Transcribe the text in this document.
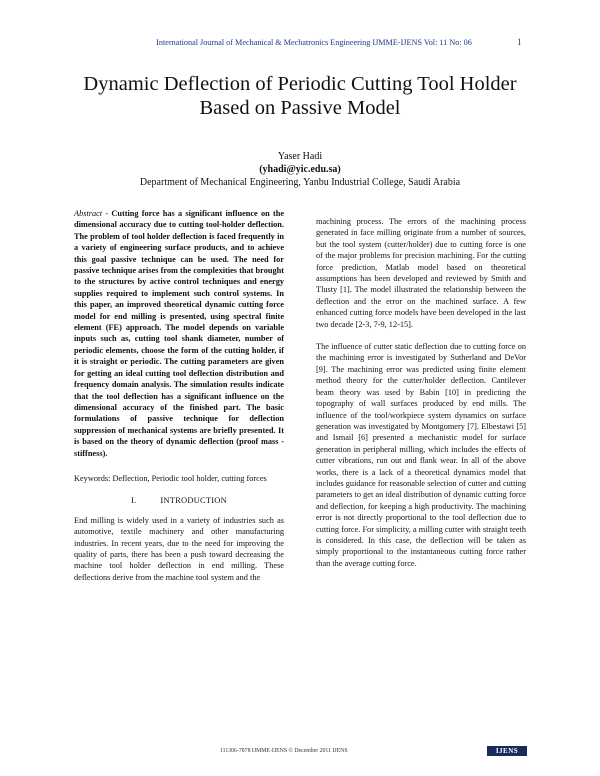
International Journal of Mechanical & Mechatronics Engineering IJMME-IJENS Vol: 11 No: 06	1
Dynamic Deflection of Periodic Cutting Tool Holder
Based on Passive Model
Yaser Hadi
(yhadi@yic.edu.sa)
Department of Mechanical Engineering, Yanbu Industrial College, Saudi Arabia

Abstract - Cutting force has a significant influence on the dimensional accuracy due to cutting tool-holder deflection. The problem of tool holder deflection is faced frequently in a variety of engineering surface products, and to achieve this goal passive technique can be used. The need for passive technique arises from the complexities that brought to the structures by active control techniques and energy supplies required to implement such control systems. In this paper, an improved theoretical dynamic cutting force model for end milling is presented, using spectral finite element (FE) approach. The model depends on variable inputs such as, cutting tool shank diameter, number of periodic elements, choose the form of the cutting holder, if it is straight or periodic. The cutting parameters are given for getting an ideal cutting tool deflection distribution and frequency domain analysis. The simulation results indicate that the tool deflection has a significant influence on the dimensional accuracy of the finished part. The basic formulations of passive technique for deflection suppression of mechanical systems are briefly presented. It is based on the theory of dynamic deflection (proof mass -stiffness).

Keywords: Deflection, Periodic tool holder, cutting forces

I.	INTRODUCTION

End milling is widely used in a variety of industries such as automotive, textile machinery and other manufacturing industries. In recent years, due to the need for improving the quality of parts, there has been a push toward decreasing the machine tool holder deflection in end milling. These deflections derive from the machine tool system and the

machining process. The errors of the machining process generated in face milling originate from a number of sources, but the tool system (cutter/holder) due to cutting force is one of the major problems for precision machining. For the cutting force prediction, Matlab model based on theoretical assumptions has been developed and reviewed by Smith and Tlusty [1]. The model illustrated the relationship between the deflection and the error on the machined surface. A few enhanced cutting force models have been developed in the last two decade [2-3, 7-9, 12-15].

The influence of cutter static deflection due to cutting force on the machining error is investigated by Sutherland and DeVor [9]. The machining error was predicted using finite element method theory for the cutter/holder deflection. Cantilever beam theory was used by Babin [10] in predicting the topography of wall surfaces produced by end mills. The influence of the tool/workpiece system dynamics on surface generation was investigated by Montgomery [7]. Elbestawi [5] and Ismail [6] presented a mechanistic model for surface generation in peripheral milling, which includes the effects of cutter vibrations, run out and flank wear. In all of the above works, there is a lack of a theoretical dynamics model that includes guidance for reasonable selection of cutter and cutting parameters to get an ideal distribution of dynamic cutting force and deflection, for keeping a high productivity. The machining error is not directly proportional to the tool deflection due to cutting force. For simplicity, a milling cutter with straight teeth is considered. In this case, the deflection will be taken as simply proportional to the instantaneous cutting force rather than the average cutting force.

111306-7878 IJMME-IJENS © December 2011 IJENS	IJENS
